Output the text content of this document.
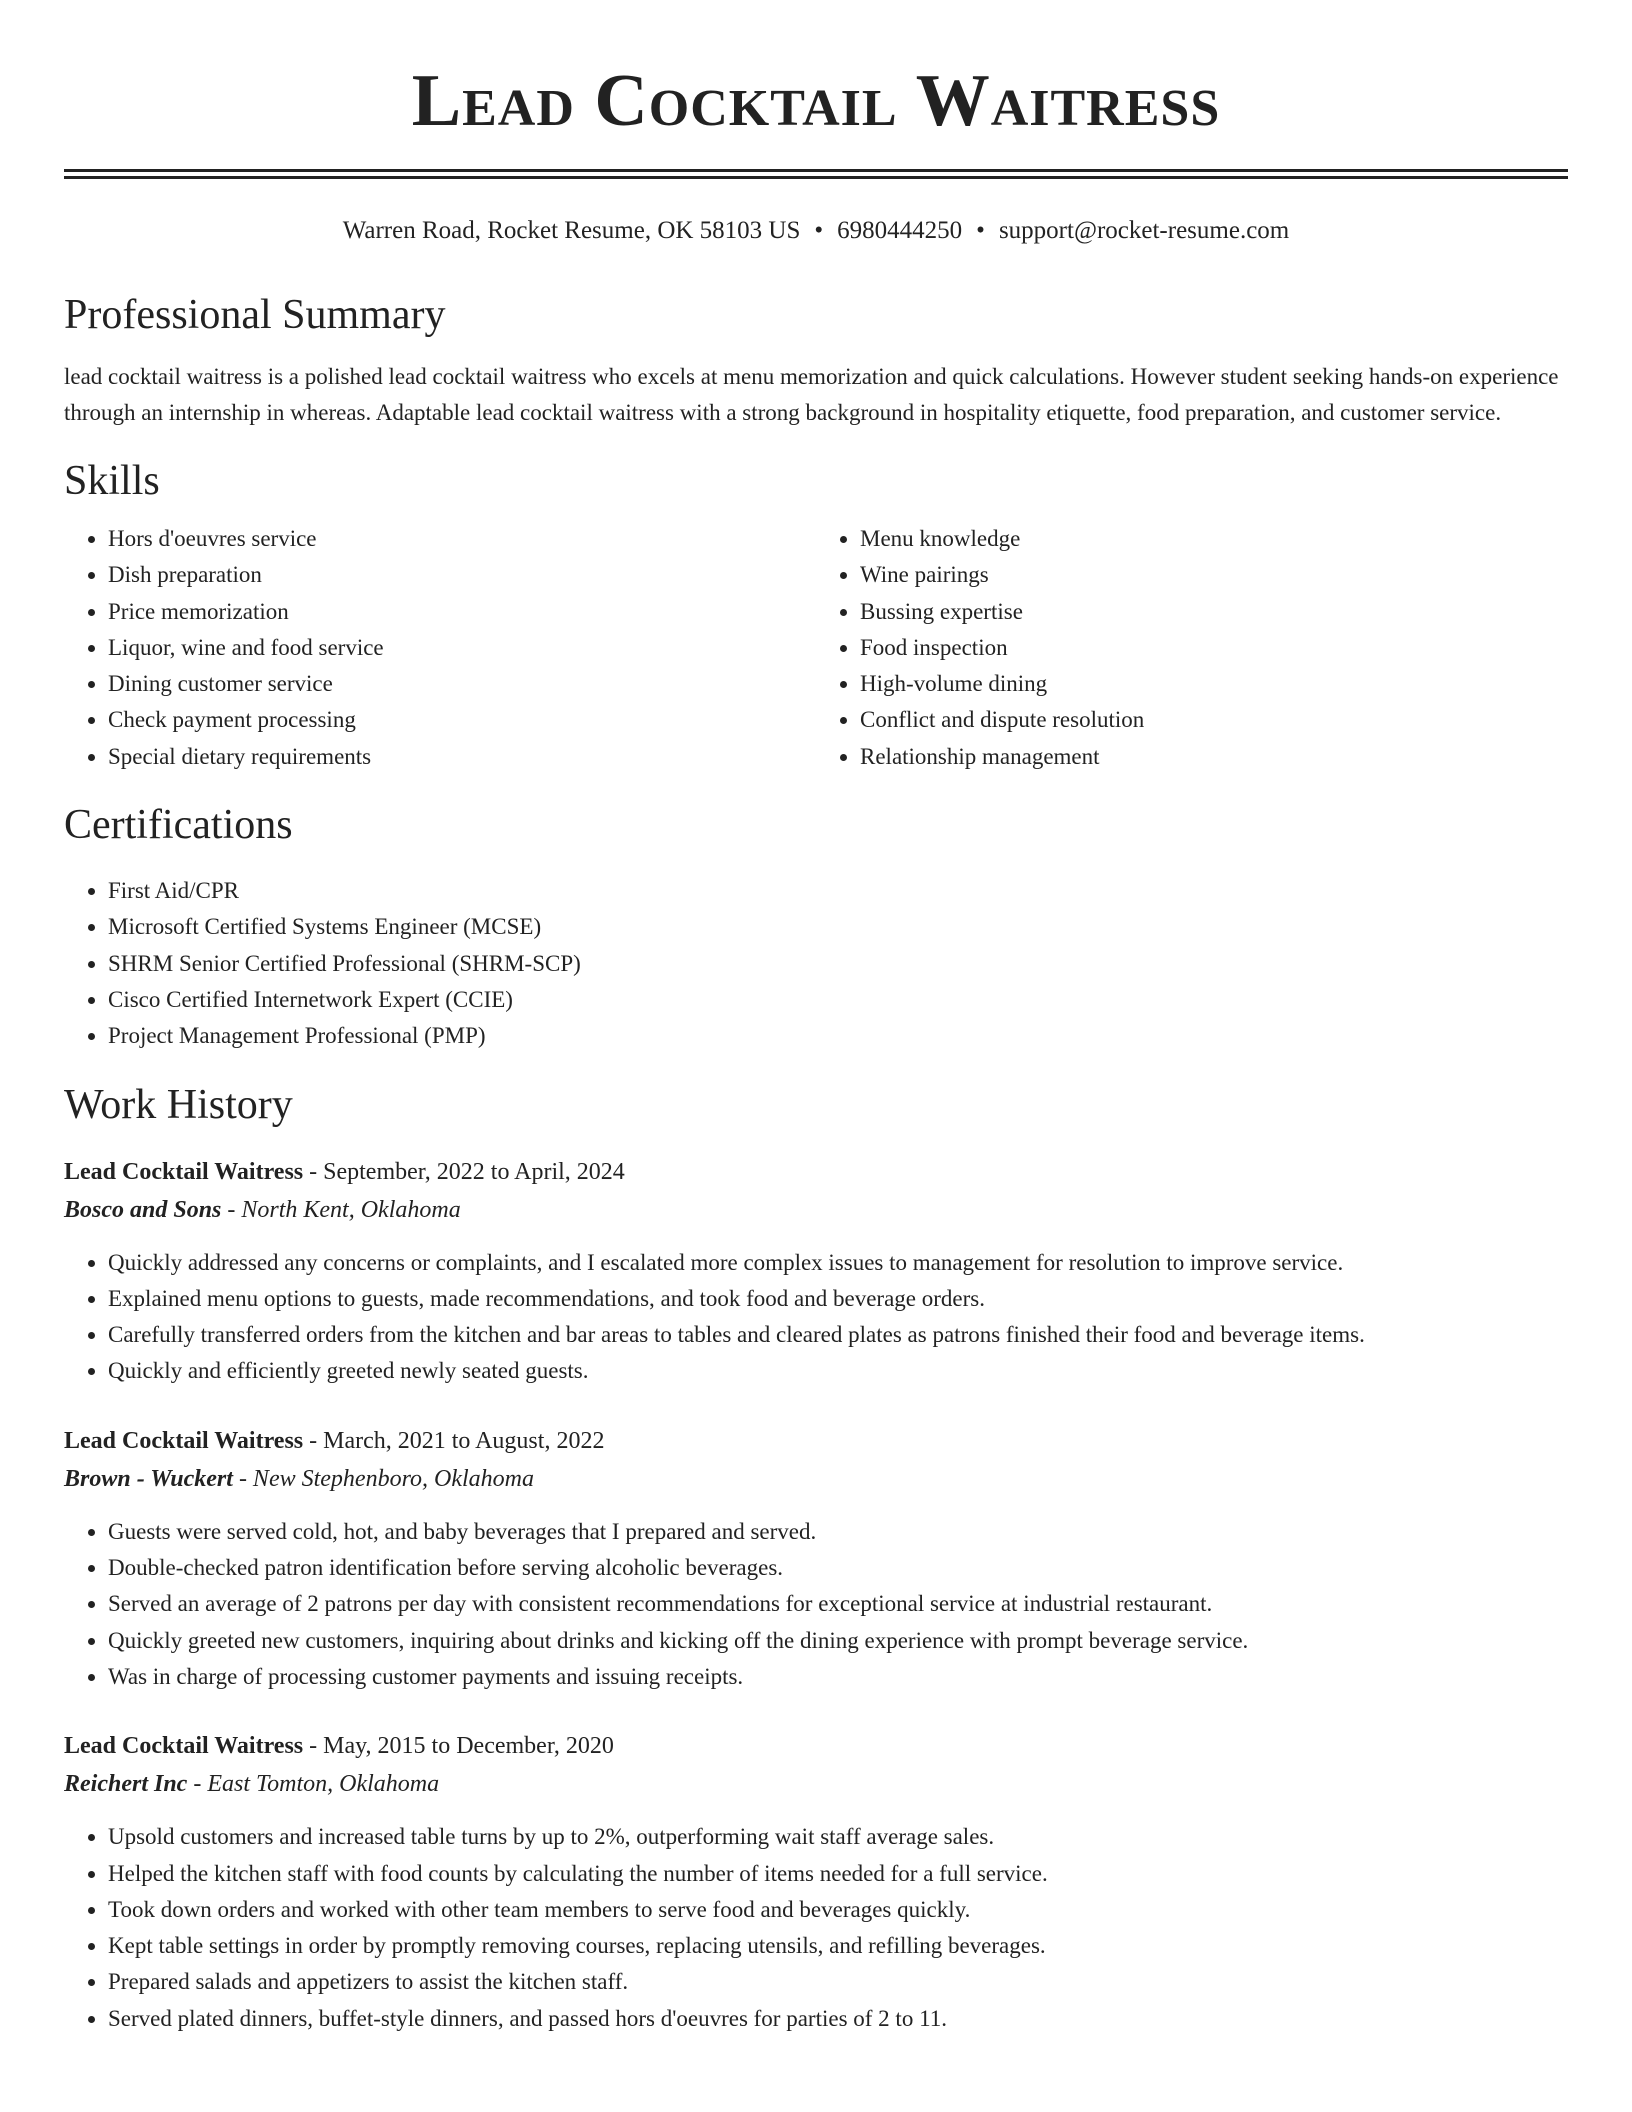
Lead Cocktail Waitress
Warren Road, Rocket Resume, OK 58103 US • 6980444250 • support@rocket-resume.com
Professional Summary

lead cocktail waitress is a polished lead cocktail waitress who excels at menu memorization and quick calculations. However student seeking hands-on experience through an internship in whereas. Adaptable lead cocktail waitress with a strong background in hospitality etiquette, food preparation, and customer service.

Skills
• Hors d'oeuvres service
• Dish preparation
• Price memorization
• Liquor, wine and food service
• Dining customer service
• Check payment processing
• Special dietary requirements
• Menu knowledge
• Wine pairings
• Bussing expertise
• Food inspection
• High-volume dining
• Conflict and dispute resolution
• Relationship management
Certifications
• First Aid/CPR
• Microsoft Certified Systems Engineer (MCSE)
• SHRM Senior Certified Professional (SHRM-SCP)
• Cisco Certified Internetwork Expert (CCIE)
• Project Management Professional (PMP)
Work History
Lead Cocktail Waitress - September, 2022 to April, 2024
Bosco and Sons - North Kent, Oklahoma
• Quickly addressed any concerns or complaints, and I escalated more complex issues to management for resolution to improve service.
• Explained menu options to guests, made recommendations, and took food and beverage orders.
• Carefully transferred orders from the kitchen and bar areas to tables and cleared plates as patrons finished their food and beverage items.
• Quickly and efficiently greeted newly seated guests.
Lead Cocktail Waitress - March, 2021 to August, 2022
Brown - Wuckert - New Stephenboro, Oklahoma
• Guests were served cold, hot, and baby beverages that I prepared and served.
• Double-checked patron identification before serving alcoholic beverages.
• Served an average of 2 patrons per day with consistent recommendations for exceptional service at industrial restaurant.
• Quickly greeted new customers, inquiring about drinks and kicking off the dining experience with prompt beverage service.
• Was in charge of processing customer payments and issuing receipts.
Lead Cocktail Waitress - May, 2015 to December, 2020
Reichert Inc - East Tomton, Oklahoma
• Upsold customers and increased table turns by up to 2%, outperforming wait staff average sales.
• Helped the kitchen staff with food counts by calculating the number of items needed for a full service.
• Took down orders and worked with other team members to serve food and beverages quickly.
• Kept table settings in order by promptly removing courses, replacing utensils, and refilling beverages.
• Prepared salads and appetizers to assist the kitchen staff.
• Served plated dinners, buffet-style dinners, and passed hors d'oeuvres for parties of 2 to 11.
